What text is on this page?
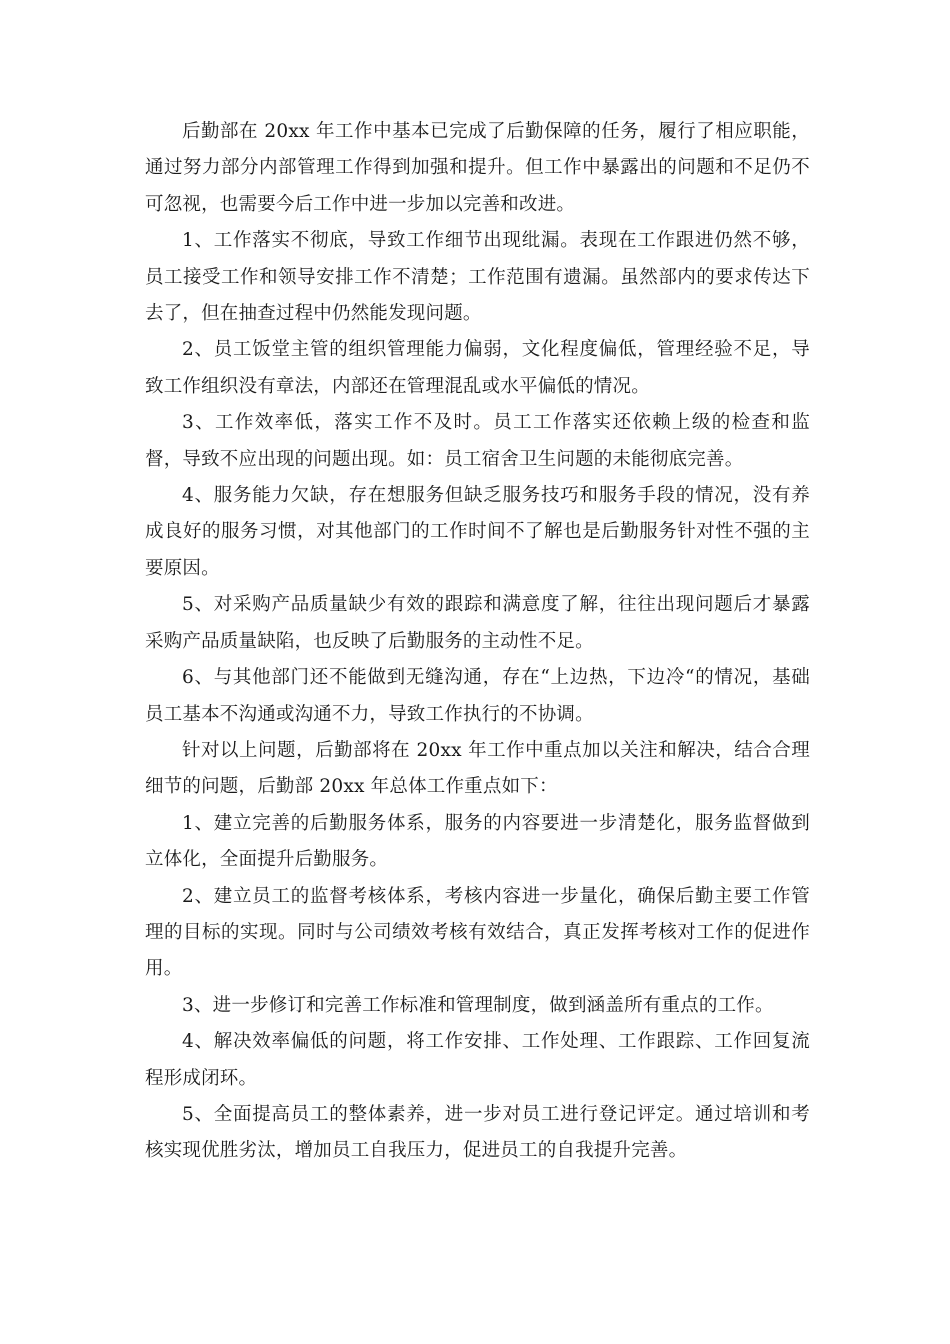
后勤部在 20xx 年工作中基本已完成了后勤保障的任务，履行了相应职能，通过努力部分内部管理工作得到加强和提升。但工作中暴露出的问题和不足仍不可忽视，也需要今后工作中进一步加以完善和改进。

1、工作落实不彻底，导致工作细节出现纰漏。表现在工作跟进仍然不够，员工接受工作和领导安排工作不清楚；工作范围有遗漏。虽然部内的要求传达下去了，但在抽查过程中仍然能发现问题。

2、员工饭堂主管的组织管理能力偏弱，文化程度偏低，管理经验不足，导致工作组织没有章法，内部还在管理混乱或水平偏低的情况。

3、工作效率低，落实工作不及时。员工工作落实还依赖上级的检查和监督，导致不应出现的问题出现。如：员工宿舍卫生问题的未能彻底完善。

4、服务能力欠缺，存在想服务但缺乏服务技巧和服务手段的情况，没有养成良好的服务习惯，对其他部门的工作时间不了解也是后勤服务针对性不强的主要原因。

5、对采购产品质量缺少有效的跟踪和满意度了解，往往出现问题后才暴露采购产品质量缺陷，也反映了后勤服务的主动性不足。

6、与其他部门还不能做到无缝沟通，存在“上边热，下边冷“的情况，基础员工基本不沟通或沟通不力，导致工作执行的不协调。

针对以上问题，后勤部将在 20xx 年工作中重点加以关注和解决，结合合理细节的问题，后勤部 20xx 年总体工作重点如下：

1、建立完善的后勤服务体系，服务的内容要进一步清楚化，服务监督做到立体化，全面提升后勤服务。

2、建立员工的监督考核体系，考核内容进一步量化，确保后勤主要工作管理的目标的实现。同时与公司绩效考核有效结合，真正发挥考核对工作的促进作用。

3、进一步修订和完善工作标准和管理制度，做到涵盖所有重点的工作。

4、解决效率偏低的问题，将工作安排、工作处理、工作跟踪、工作回复流程形成闭环。

5、全面提高员工的整体素养，进一步对员工进行登记评定。通过培训和考核实现优胜劣汰，增加员工自我压力，促进员工的自我提升完善。
